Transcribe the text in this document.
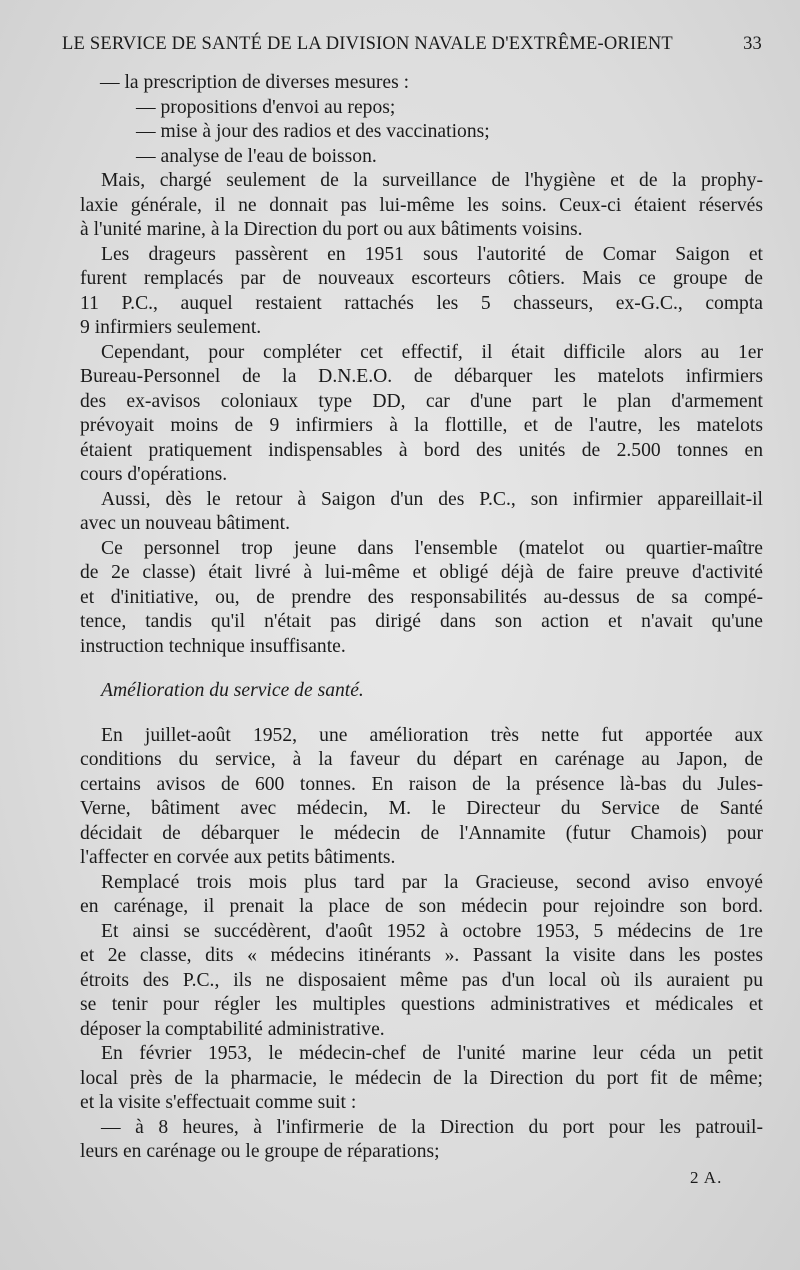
LE SERVICE DE SANTÉ DE LA DIVISION NAVALE D'EXTRÊME-ORIENT	33
— la prescription de diverses mesures :
— propositions d'envoi au repos;
— mise à jour des radios et des vaccinations;
— analyse de l'eau de boisson.
Mais, chargé seulement de la surveillance de l'hygiène et de la prophy-
laxie générale, il ne donnait pas lui-même les soins. Ceux-ci étaient réservés
à l'unité marine, à la Direction du port ou aux bâtiments voisins.
Les drageurs passèrent en 1951 sous l'autorité de Comar Saigon et
furent remplacés par de nouveaux escorteurs côtiers. Mais ce groupe de
11 P.C., auquel restaient rattachés les 5 chasseurs, ex-G.C., compta
9 infirmiers seulement.
Cependant, pour compléter cet effectif, il était difficile alors au 1er
Bureau-Personnel de la D.N.E.O. de débarquer les matelots infirmiers
des ex-avisos coloniaux type DD, car d'une part le plan d'armement
prévoyait moins de 9 infirmiers à la flottille, et de l'autre, les matelots
étaient pratiquement indispensables à bord des unités de 2.500 tonnes en
cours d'opérations.
Aussi, dès le retour à Saigon d'un des P.C., son infirmier appareillait-il
avec un nouveau bâtiment.
Ce personnel trop jeune dans l'ensemble (matelot ou quartier-maître
de 2e classe) était livré à lui-même et obligé déjà de faire preuve d'activité
et d'initiative, ou, de prendre des responsabilités au-dessus de sa compé-
tence, tandis qu'il n'était pas dirigé dans son action et n'avait qu'une
instruction technique insuffisante.
Amélioration du service de santé.
En juillet-août 1952, une amélioration très nette fut apportée aux
conditions du service, à la faveur du départ en carénage au Japon, de
certains avisos de 600 tonnes. En raison de la présence là-bas du Jules-
Verne, bâtiment avec médecin, M. le Directeur du Service de Santé
décidait de débarquer le médecin de l'Annamite (futur Chamois) pour
l'affecter en corvée aux petits bâtiments.
Remplacé trois mois plus tard par la Gracieuse, second aviso envoyé
en carénage, il prenait la place de son médecin pour rejoindre son bord.
Et ainsi se succédèrent, d'août 1952 à octobre 1953, 5 médecins de 1re
et 2e classe, dits « médecins itinérants ». Passant la visite dans les postes
étroits des P.C., ils ne disposaient même pas d'un local où ils auraient pu
se tenir pour régler les multiples questions administratives et médicales et
déposer la comptabilité administrative.
En février 1953, le médecin-chef de l'unité marine leur céda un petit
local près de la pharmacie, le médecin de la Direction du port fit de même;
et la visite s'effectuait comme suit :
— à 8 heures, à l'infirmerie de la Direction du port pour les patrouil-
leurs en carénage ou le groupe de réparations;
2 A.
